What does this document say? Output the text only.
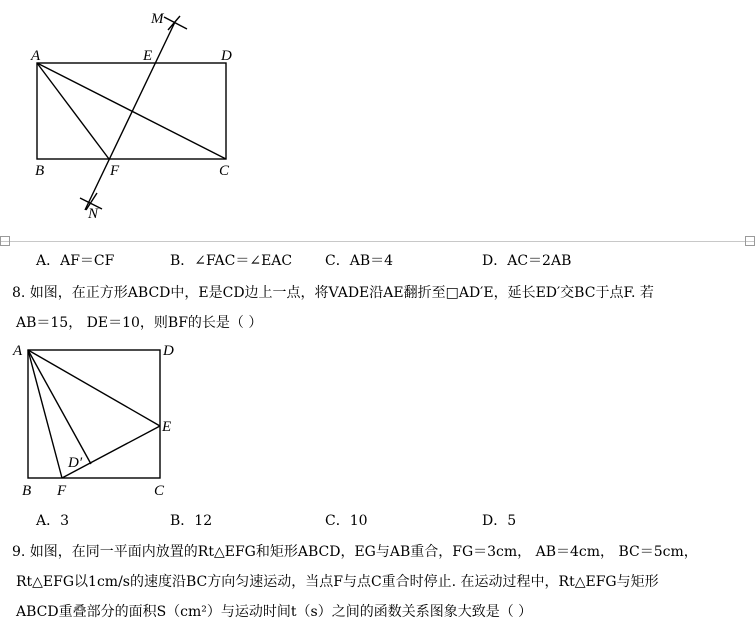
M
A	E	D
B	F	C
N
A．AF＝CF	B．∠FAC＝∠EAC C．AB＝4	D．AC＝2AB
8. 如图，在正方形ABCD中，E是CD边上一点，将VADE沿AE翻折至□AD′E，延长ED′交BC于点F. 若
AB＝15， DE＝10，则BF的长是（ ）
A	D
E
D′
B F	C
A．3	B．12	C．10	D．5
9. 如图，在同一平面内放置的Rt△EFG和矩形ABCD，EG与AB重合，FG＝3cm， AB＝4cm， BC＝5cm，
Rt△EFG以1cm/s的速度沿BC方向匀速运动，当点F与点C重合时停止. 在运动过程中，Rt△EFG与矩形
ABCD重叠部分的面积S（cm²）与运动时间t（s）之间的函数关系图象大致是（ ）
